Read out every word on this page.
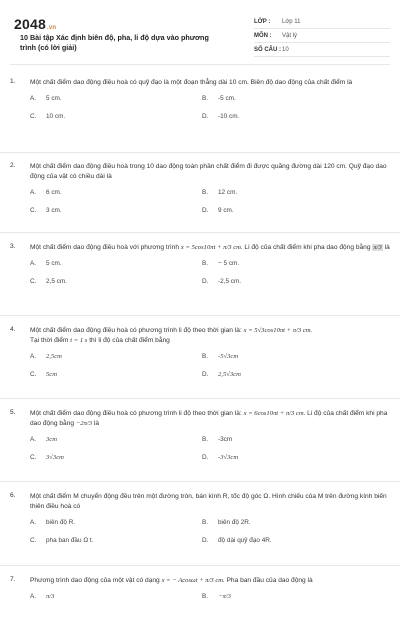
2048.vn
10 Bài tập Xác định biên độ, pha, li độ dựa vào phương trình (có lời giải)
LỚP :	Lớp 11
MÔN :	Vật lý
SỐ CÂU : 10
1.	Một chất điểm dao động điều hoà có quỹ đạo là một đoạn thẳng dài 10 cm. Biên độ dao động của chất điểm là
A.	5 cm.	B.	-5 cm.
C.	10 cm.	D.	-10 cm.
2.	Một chất điểm dao động điều hoà trong 10 dao động toàn phần chất điểm đi được quãng đường dài 120 cm. Quỹ đạo dao động của vật có chiều dài là
A.	6 cm.	B.	12 cm.
C.	3 cm.	D.	9 cm.
3.	Một chất điểm dao động điều hoà với phương trình x = 5cos10πt + π/3 cm. Li độ của chất điểm khi pha dao động bằng π/3 là
A.	5 cm.	B.	− 5 cm.
C.	2,5 cm.	D.	-2,5 cm.
4.	Một chất điểm dao động điều hoà có phương trình li độ theo thời gian là: x = 5√3cos10πt + π/3 cm.
Tại thời điểm t = 1 s thì li độ của chất điểm bằng
A.	2,5cm	B.	-5√3cm
C.	5cm	D.	2,5√3cm
5.	Một chất điểm dao động điều hoà có phương trình li độ theo thời gian là: x = 6cos10πt + π/3 cm. Li độ của chất điểm khi pha dao động bằng −2π/3 là
A.	3cm	B.	-3cm
C.	3√3cm	D.	-3√3cm
6.	Một chất điểm M chuyển động đều trên một đường tròn, bán kính R, tốc độ góc Ω. Hình chiếu của M trên đường kính biến thiên điều hoà có
A.	biên độ R.	B.	biên độ 2R.
C.	pha ban đầu Ω t.	D.	độ dài quỹ đạo 4R.
7.	Phương trình dao động của một vật có dạng x = − Acosωt + π/3 cm. Pha ban đầu của dao động là
A.	π/3	B.	−π/3
